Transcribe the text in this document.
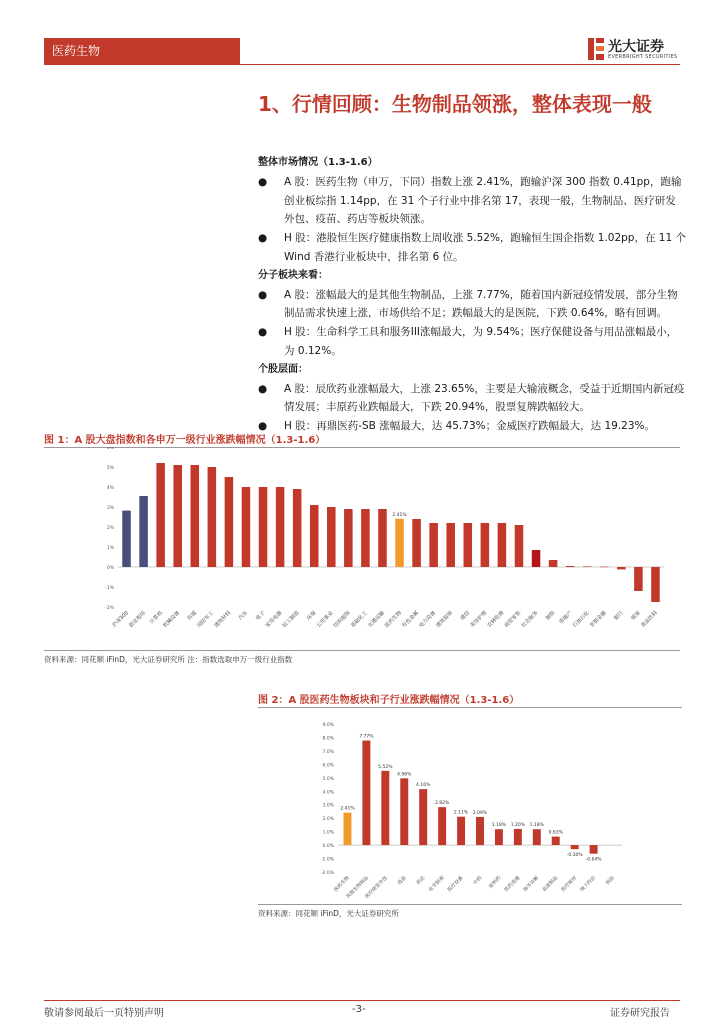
医药生物	光大证券
EVERBRIGHT SECURITIES
1、行情回顾：生物制品领涨，整体表现一般
整体市场情况（1.3-1.6）
● A 股：医药生物（申万，下同）指数上涨 2.41%，跑输沪深 300 指数 0.41pp，跑输创业板综指 1.14pp，在 31 个子行业中排名第 17，表现一般，生物制品、医疗研发外包、疫苗、药店等板块领涨。
● H 股：港股恒生医疗健康指数上周收涨 5.52%，跑输恒生国企指数 1.02pp，在 11 个 Wind 香港行业板块中，排名第 6 位。
分子板块来看：
● A 股：涨幅最大的是其他生物制品，上涨 7.77%，随着国内新冠疫情发展，部分生物制品需求快速上涨，市场供给不足；跌幅最大的是医院，下跌 0.64%，略有回调。
● H 股：生命科学工具和服务III涨幅最大，为 9.54%；医疗保健设备与用品涨幅最小，为 0.12%。
个股层面：
● A 股：辰欣药业涨幅最大，上涨 23.65%，主要是大输液概念，受益于近期国内新冠疫情发展；丰原药业跌幅最大，下跌 20.94%，股票复牌跌幅较大。
● H 股：再鼎医药-SB 涨幅最大，达 45.73%；金威医疗跌幅最大，达 19.23%。
图 1：A 股大盘指数和各申万一级行业涨跌幅情况（1.3-1.6）
6%
5%
4%
3%
2%
1%
0%
-1%
-2%
沪深300
创业板综 计算机
机械设备 传媒
国防军工
建筑材料 汽车 电子
家用电器
轻工制造 环保
公用事业
纺织服饰
基础化工
交通运输
2.41%
医药生物
有色金属
电力设备
建筑装饰 通信
美容护理
农林牧渔
商贸零售
社会服务 钢铁 房地产
石油石化
非银金融 银行 煤炭
食品饮料
资料来源：同花顺 iFinD，光大证券研究所 注：指数选取申万一级行业指数
图 2：A 股医药生物板块和子行业涨跌幅情况（1.3-1.6）
9.0%
8.0%
7.0%
6.0%
5.0%
4.0%
3.0%
2.0%
1.0%
0.0%
-1.0%
-2.0%
2.41%
医药生物
7.77%
其他生物制品
5.52%
医疗研发外包
4.96%
疫苗
4.16%
药店
2.82%
化学制剂
2.11%
医疗设备
2.09%
中药
1.18%
原料药
1.20%
医药流通
1.18%
体外诊断
0.63%
血液制品
-0.30%
医疗耗材
-0.64%
线下药店 医院
资料来源：同花顺 iFinD，光大证券研究所
敬请参阅最后一页特别声明	-3-	证券研究报告
